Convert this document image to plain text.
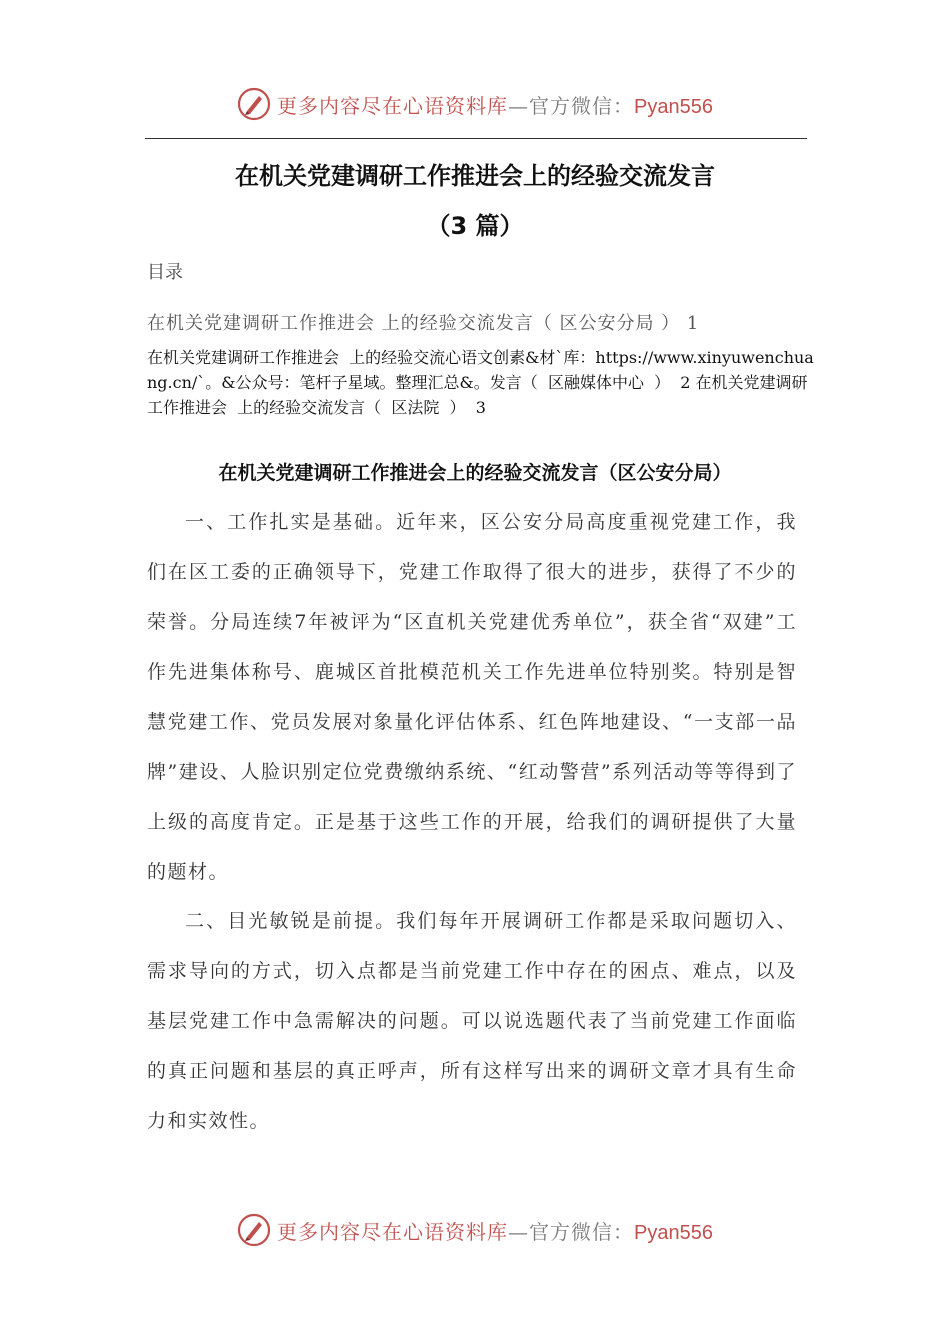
更多内容尽在心语资料库—官方微信：Pyan556
在机关党建调研工作推进会上的经验交流发言
（3 篇）
目录
在机关党建调研工作推进会 上的经验交流发言（ 区公安分局 ） 1
在机关党建调研工作推进会  上的经验交流心语文创素&材`库：https://www.xinyuwenchuang.cn/`。&公众号：笔杆子星域。整理汇总&。发言（  区融媒体中心  ）  2 在机关党建调研工作推进会  上的经验交流发言（  区法院  ）  3
在机关党建调研工作推进会上的经验交流发言（区公安分局）

一、工作扎实是基础。近年来，区公安分局高度重视党建工作，我们在区工委的正确领导下，党建工作取得了很大的进步，获得了不少的荣誉。分局连续7年被评为“区直机关党建优秀单位”，获全省“双建”工作先进集体称号、鹿城区首批模范机关工作先进单位特别奖。特别是智慧党建工作、党员发展对象量化评估体系、红色阵地建设、“一支部一品牌”建设、人脸识别定位党费缴纳系统、“红动警营”系列活动等等得到了上级的高度肯定。正是基于这些工作的开展，给我们的调研提供了大量的题材。

二、目光敏锐是前提。我们每年开展调研工作都是采取问题切入、需求导向的方式，切入点都是当前党建工作中存在的困点、难点，以及基层党建工作中急需解决的问题。可以说选题代表了当前党建工作面临的真正问题和基层的真正呼声，所有这样写出来的调研文章才具有生命力和实效性。

更多内容尽在心语资料库—官方微信：Pyan556
